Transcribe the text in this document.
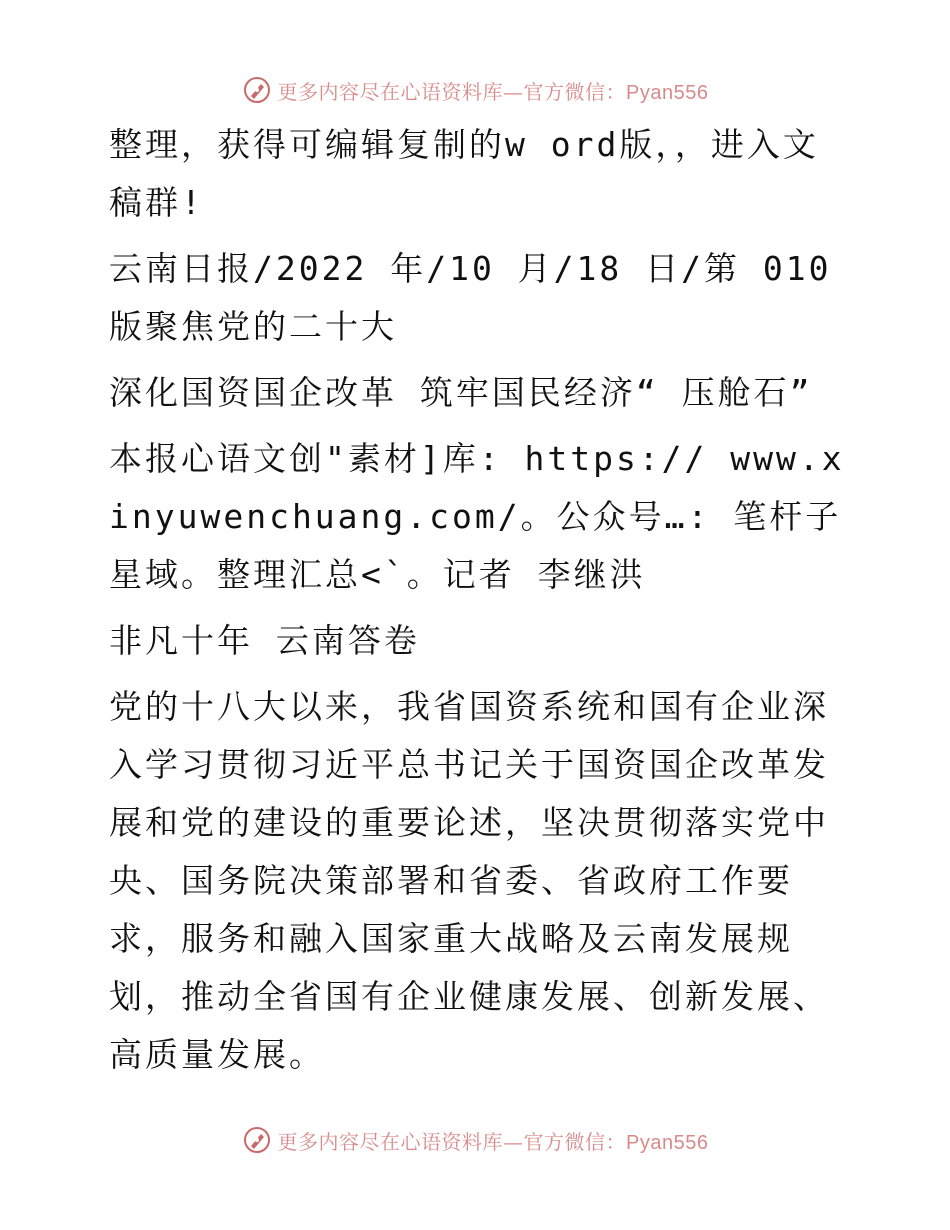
更多内容尽在心语资料库—官方微信：Pyan556

整理，获得可编辑复制的w ord版，，进入文稿群!

云南日报/2022 年/10 月/18 日/第 010 版聚焦党的二十大

深化国资国企改革 筑牢国民经济“ 压舱石”

本报心语文创"素材]库: https:// www.xinyuwenchuang.com/。公众号…: 笔杆子星域。整理汇总<`。记者 李继洪

非凡十年 云南答卷

党的十八大以来，我省国资系统和国有企业深入学习贯彻习近平总书记关于国资国企改革发展和党的建设的重要论述，坚决贯彻落实党中央、国务院决策部署和省委、省政府工作要求，服务和融入国家重大战略及云南发展规划，推动全省国有企业健康发展、创新发展、高质量发展。

更多内容尽在心语资料库—官方微信：Pyan556
